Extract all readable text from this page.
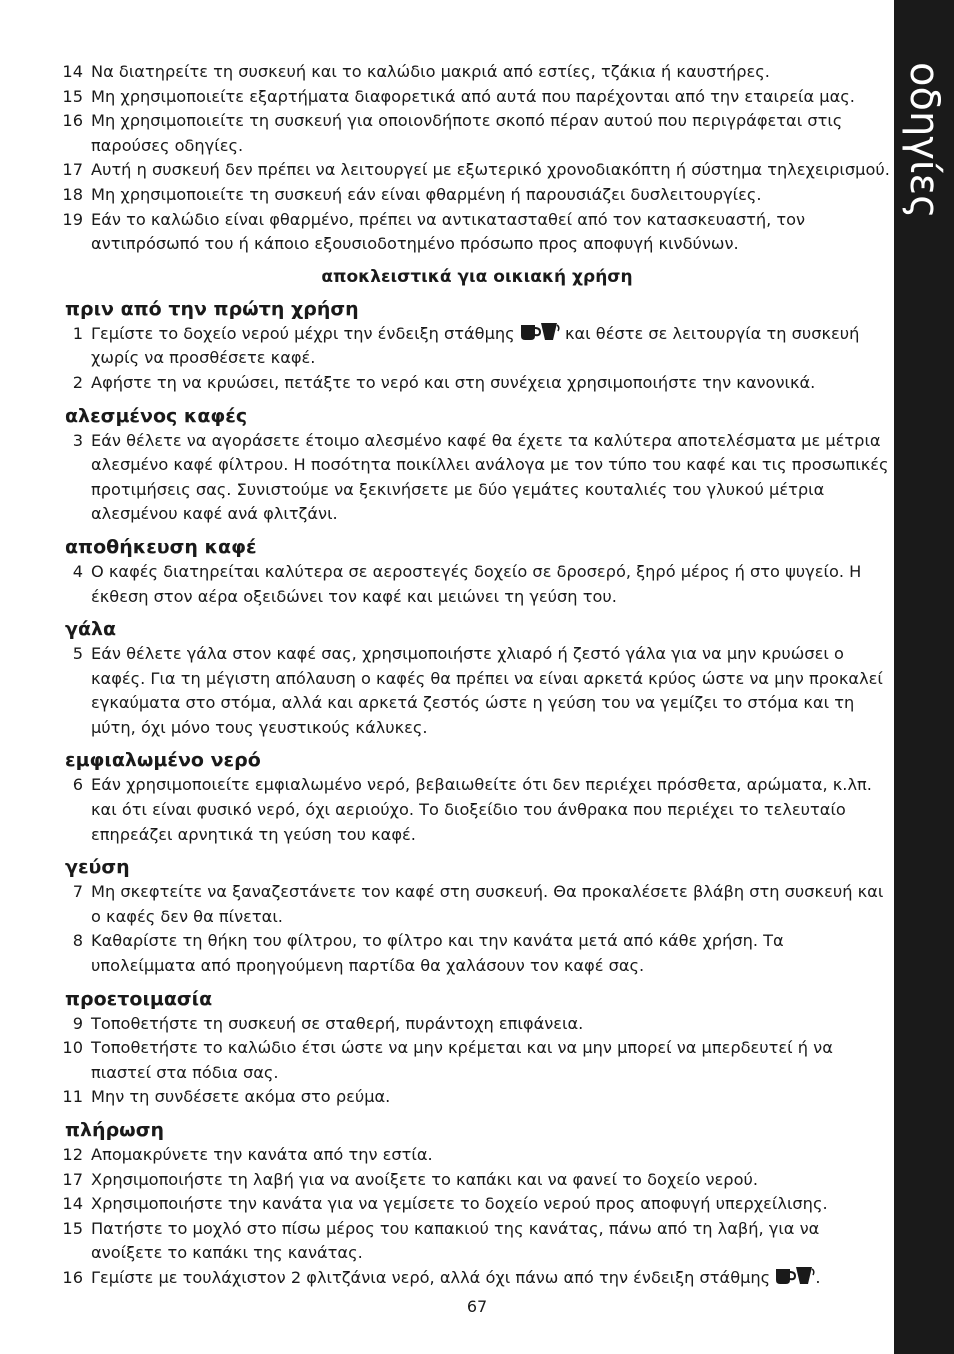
οδηγίες

14 Να διατηρείτε τη συσκευή και το καλώδιο μακριά από εστίες, τζάκια ή καυστήρες.

15 Μη χρησιμοποιείτε εξαρτήματα διαφορετικά από αυτά που παρέχονται από την εταιρεία μας.

16 Μη χρησιμοποιείτε τη συσκευή για οποιονδήποτε σκοπό πέραν αυτού που περιγράφεται στις παρούσες οδηγίες.

17 Αυτή η συσκευή δεν πρέπει να λειτουργεί με εξωτερικό χρονοδιακόπτη ή σύστημα τηλεχειρισμού.

18 Μη χρησιμοποιείτε τη συσκευή εάν είναι φθαρμένη ή παρουσιάζει δυσλειτουργίες.

19 Εάν το καλώδιο είναι φθαρμένο, πρέπει να αντικατασταθεί από τον κατασκευαστή, τον αντιπρόσωπό του ή κάποιο εξουσιοδοτημένο πρόσωπο προς αποφυγή κινδύνων.

αποκλειστικά για οικιακή χρήση
πριν από την πρώτη χρήση

1 Γεμίστε το δοχείο νερού μέχρι την ένδειξη στάθμης	και θέστε σε λειτουργία τη συσκευή χωρίς να προσθέσετε καφέ.

2 Αφήστε τη να κρυώσει, πετάξτε το νερό και στη συνέχεια χρησιμοποιήστε την κανονικά.

αλεσμένος καφές

3 Εάν θέλετε να αγοράσετε έτοιμο αλεσμένο καφέ θα έχετε τα καλύτερα αποτελέσματα με μέτρια αλεσμένο καφέ φίλτρου. Η ποσότητα ποικίλλει ανάλογα με τον τύπο του καφέ και τις προσωπικές προτιμήσεις σας. Συνιστούμε να ξεκινήσετε με δύο γεμάτες κουταλιές του γλυκού μέτρια αλεσμένου καφέ ανά φλιτζάνι.

αποθήκευση καφέ

4 Ο καφές διατηρείται καλύτερα σε αεροστεγές δοχείο σε δροσερό, ξηρό μέρος ή στο ψυγείο. Η έκθεση στον αέρα οξειδώνει τον καφέ και μειώνει τη γεύση του.

γάλα

5 Εάν θέλετε γάλα στον καφέ σας, χρησιμοποιήστε χλιαρό ή ζεστό γάλα για να μην κρυώσει ο καφές. Για τη μέγιστη απόλαυση ο καφές θα πρέπει να είναι αρκετά κρύος ώστε να μην προκαλεί εγκαύματα στο στόμα, αλλά και αρκετά ζεστός ώστε η γεύση του να γεμίζει το στόμα και τη μύτη, όχι μόνο τους γευστικούς κάλυκες.

εμφιαλωμένο νερό

6 Εάν χρησιμοποιείτε εμφιαλωμένο νερό, βεβαιωθείτε ότι δεν περιέχει πρόσθετα, αρώματα, κ.λπ. και ότι είναι φυσικό νερό, όχι αεριούχο. Το διοξείδιο του άνθρακα που περιέχει το τελευταίο επηρεάζει αρνητικά τη γεύση του καφέ.

γεύση

7 Μη σκεφτείτε να ξαναζεστάνετε τον καφέ στη συσκευή. Θα προκαλέσετε βλάβη στη συσκευή και ο καφές δεν θα πίνεται.

8 Καθαρίστε τη θήκη του φίλτρου, το φίλτρο και την κανάτα μετά από κάθε χρήση. Τα υπολείμματα από προηγούμενη παρτίδα θα χαλάσουν τον καφέ σας.

προετοιμασία

9 Τοποθετήστε τη συσκευή σε σταθερή, πυράντοχη επιφάνεια.

10 Τοποθετήστε το καλώδιο έτσι ώστε να μην κρέμεται και να μην μπορεί να μπερδευτεί ή να πιαστεί στα πόδια σας.

11 Μην τη συνδέσετε ακόμα στο ρεύμα.

πλήρωση

12 Απομακρύνετε την κανάτα από την εστία.

17 Χρησιμοποιήστε τη λαβή για να ανοίξετε το καπάκι και να φανεί το δοχείο νερού.

14 Χρησιμοποιήστε την κανάτα για να γεμίσετε το δοχείο νερού προς αποφυγή υπερχείλισης.

15 Πατήστε το μοχλό στο πίσω μέρος του καπακιού της κανάτας, πάνω από τη λαβή, για να ανοίξετε το καπάκι της κανάτας.

16 Γεμίστε με τουλάχιστον 2 φλιτζάνια νερό, αλλά όχι πάνω από την ένδειξη στάθμης	.

67
